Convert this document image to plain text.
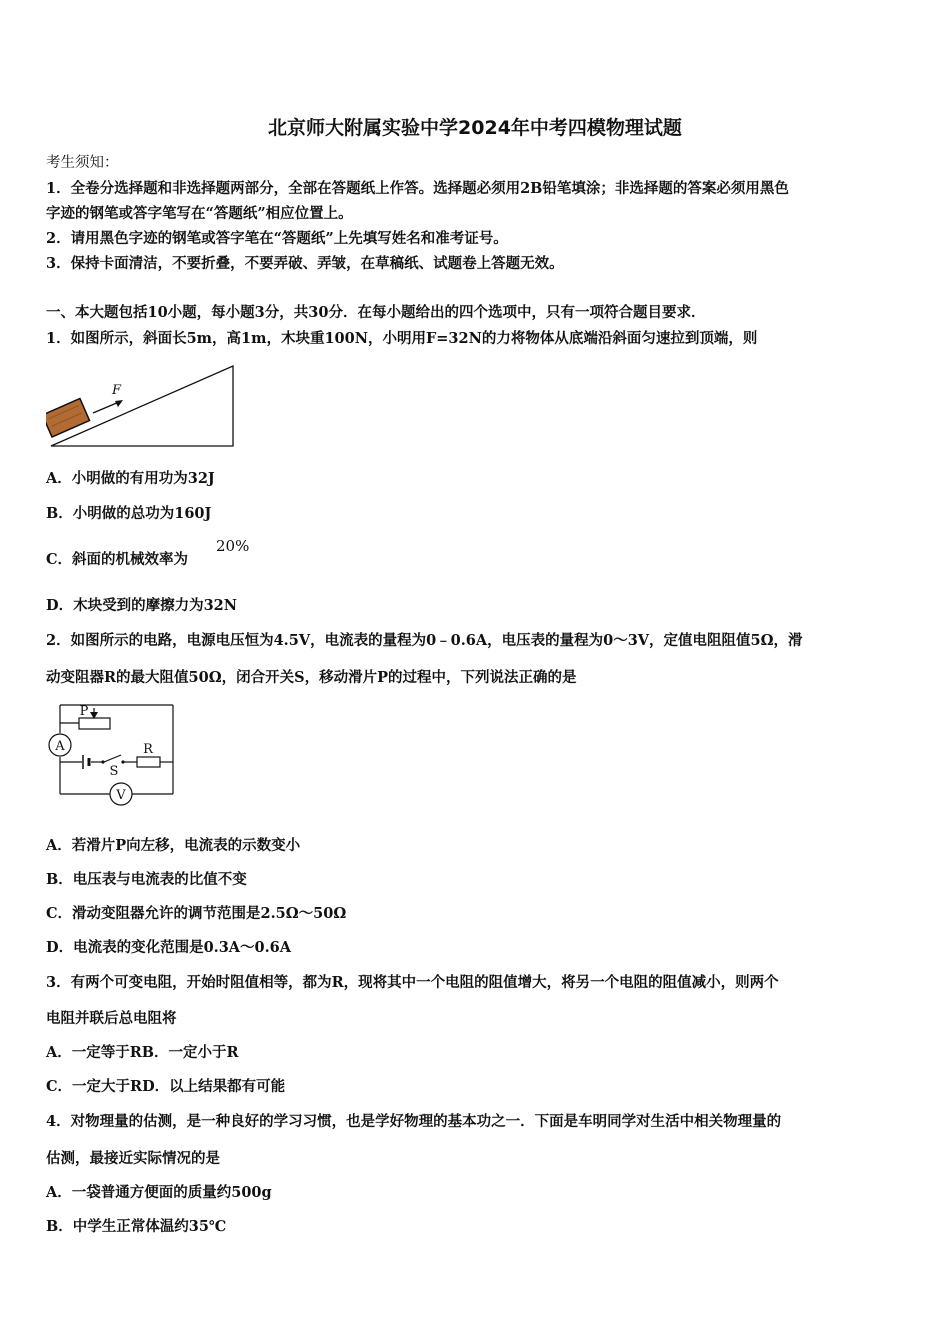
北京师大附属实验中学2024年中考四模物理试题
考生须知：
1．全卷分选择题和非选择题两部分，全部在答题纸上作答。选择题必须用2B铅笔填涂；非选择题的答案必须用黑色
字迹的钢笔或答字笔写在“答题纸”相应位置上。
2．请用黑色字迹的钢笔或答字笔在“答题纸”上先填写姓名和准考证号。
3．保持卡面清洁，不要折叠，不要弄破、弄皱，在草稿纸、试题卷上答题无效。
一、本大题包括10小题，每小题3分，共30分．在每小题给出的四个选项中，只有一项符合题目要求．
1．如图所示，斜面长5m，高1m，木块重100N，小明用F=32N的力将物体从底端沿斜面匀速拉到顶端，则
F
A．小明做的有用功为32J
B．小明做的总功为160J
C．斜面的机械效率为
20%
D．木块受到的摩擦力为32N
2．如图所示的电路，电源电压恒为4.5V，电流表的量程为0﹣0.6A，电压表的量程为0～3V，定值电阻阻值5Ω，滑
动变阻器R的最大阻值50Ω，闭合开关S，移动滑片P的过程中，下列说法正确的是
P
A	R
S
V
A．若滑片P向左移，电流表的示数变小
B．电压表与电流表的比值不变
C．滑动变阻器允许的调节范围是2.5Ω～50Ω
D．电流表的变化范围是0.3A～0.6A
3．有两个可变电阻，开始时阻值相等，都为R，现将其中一个电阻的阻值增大，将另一个电阻的阻值减小，则两个
电阻并联后总电阻将
A．一定等于RB．一定小于R
C．一定大于RD．以上结果都有可能
4．对物理量的估测，是一种良好的学习习惯，也是学好物理的基本功之一．下面是车明同学对生活中相关物理量的
估测，最接近实际情况的是
A．一袋普通方便面的质量约500g
B．中学生正常体温约35℃
